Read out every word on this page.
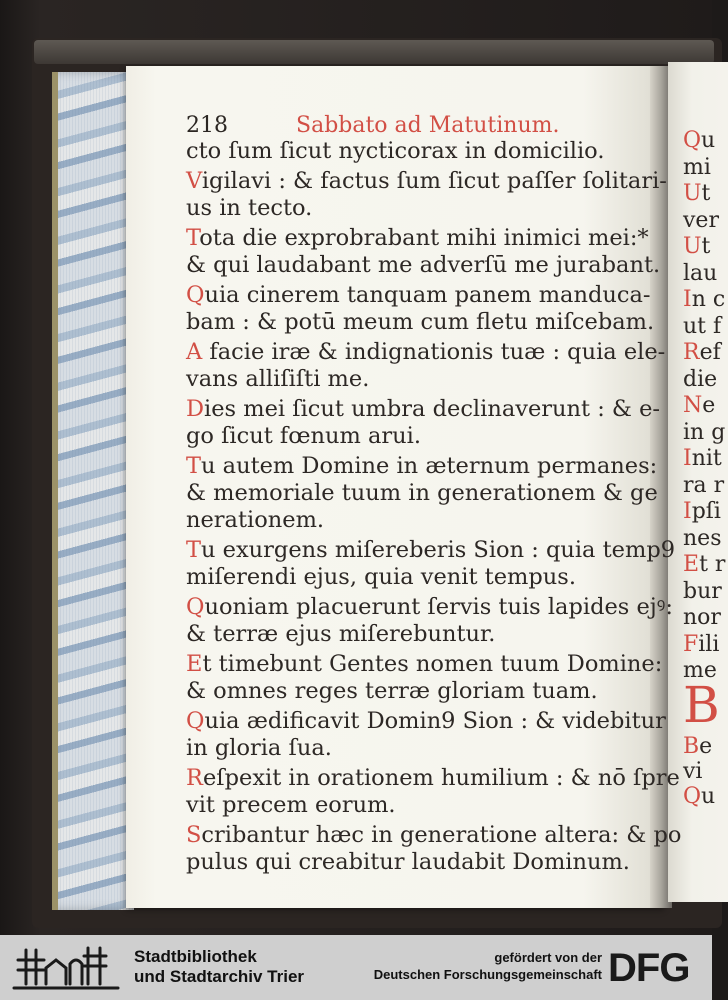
218	Sabbato ad Matutinum.
cto ſum ſicut nycticorax in domicilio.
Vigilavi : & factus ſum ſicut paſſer ſolitari-
us in tecto.
Tota die exprobrabant mihi inimici mei:*
& qui laudabant me adverſū me jurabant.
Quia cinerem tanquam panem manduca-
bam : & potū meum cum fletu miſcebam.
A facie iræ & indignationis tuæ : quia ele-
vans alliſiſti me.
Dies mei ſicut umbra declinaverunt : & e-
go ſicut fœnum arui.
Tu autem Domine in æternum permanes:
& memoriale tuum in generationem & ge
nerationem.
Tu exurgens miſereberis Sion : quia temp9
miſerendi ejus, quia venit tempus.
Quoniam placuerunt ſervis tuis lapides ejꝰ:
& terræ ejus miſerebuntur.
Et timebunt Gentes nomen tuum Domine:
& omnes reges terræ gloriam tuam.
Quia ædificavit Domin9 Sion : & videbitur
in gloria ſua.
Reſpexit in orationem humilium : & nō ſpre
vit precem eorum.
Scribantur hæc in generatione altera: & po
pulus qui creabitur laudabit Dominum.
Qu
mi
Ut
ver
Ut
lau
In c
ut f
Ref
die
Ne
in g
Init
ra r
Ipſi
nes
Et r
bur
nor
Fili
me
Be
vi
Qu
B
Stadtbibliothek
und Stadtarchiv Trier
gefördert von der
Deutschen Forschungsgemeinschaft DFG
